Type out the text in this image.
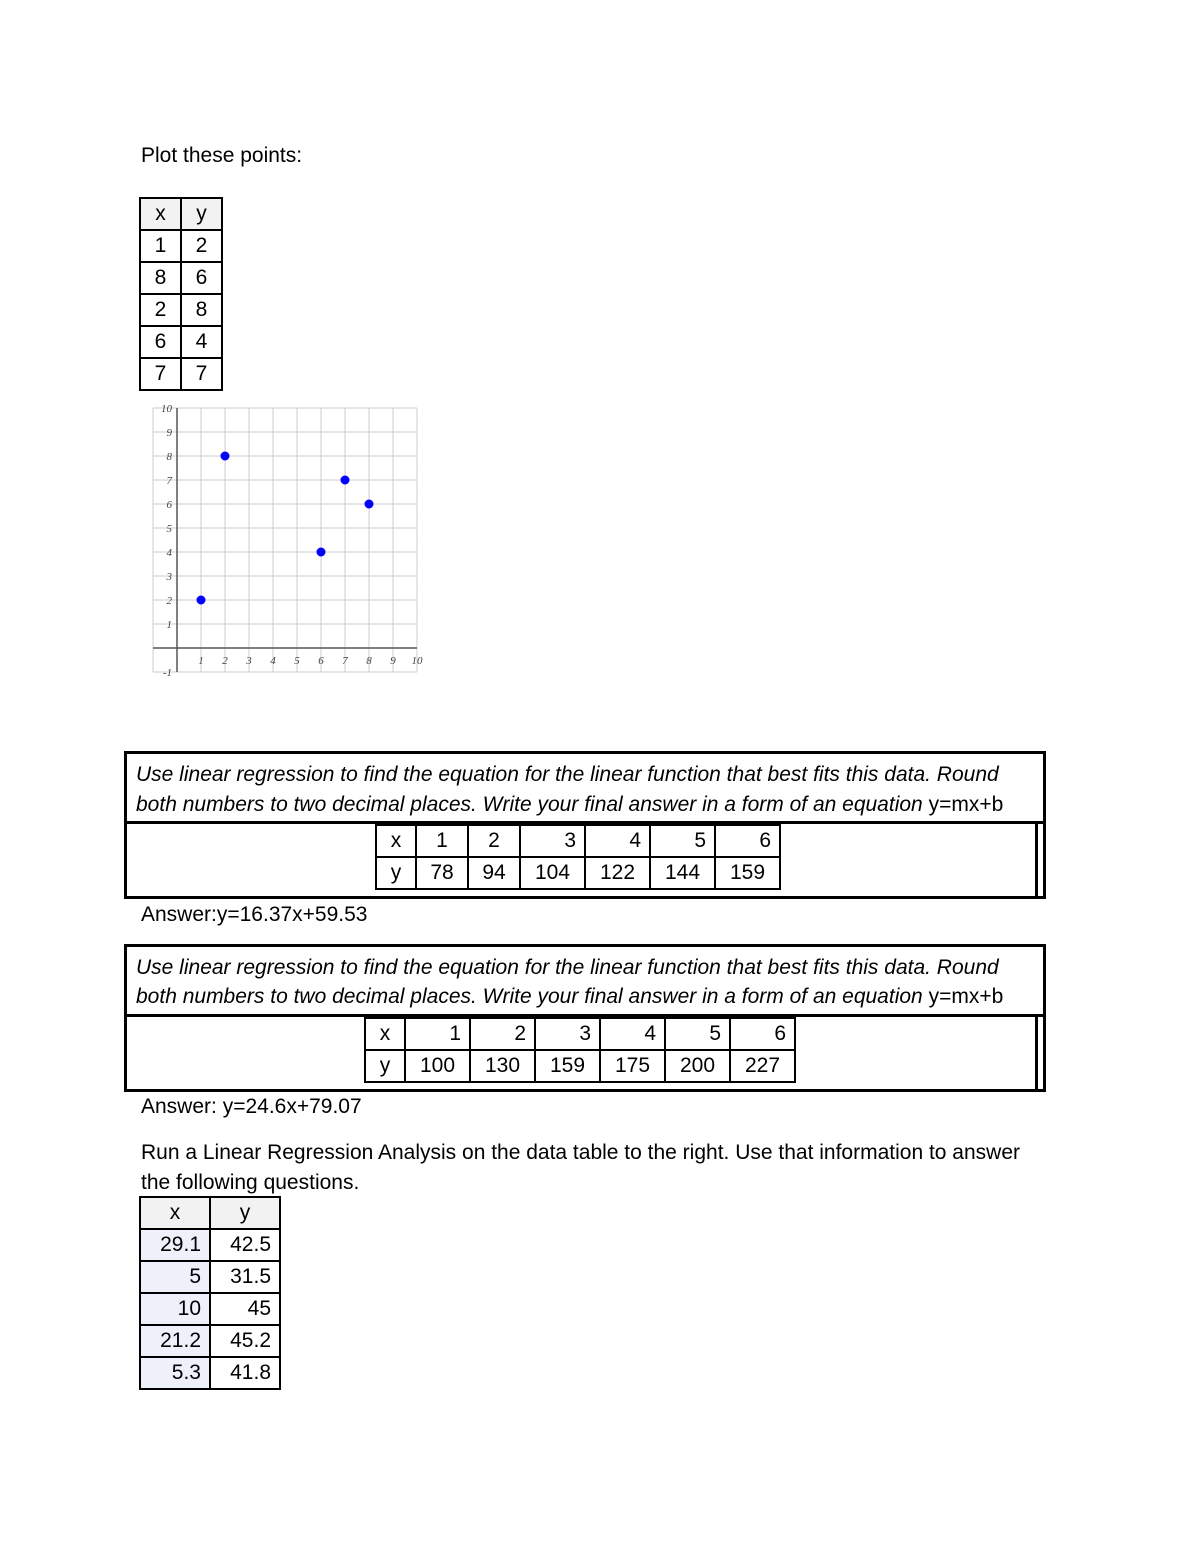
Plot these points:
x	y
1	2
8	6
2	8
6	4
7	7
1 2 3 4 5 6 7 8 9 10
10
9
8
7
6
5
4
3
2
1
-1
Use linear regression to find the equation for the linear function that best fits this data. Round
both numbers to two decimal places. Write your final answer in a form of an equation y=mx+b
x	1	2	3	4	5	6
y	78	94	104	122	144	159
Answer:y=16.37x+59.53
Use linear regression to find the equation for the linear function that best fits this data. Round
both numbers to two decimal places. Write your final answer in a form of an equation y=mx+b
x	1	2	3	4	5	6
y	100	130	159	175	200	227
Answer: y=24.6x+79.07
Run a Linear Regression Analysis on the data table to the right. Use that information to answer
the following questions.
x	y
29.1	42.5
5	31.5
10	45
21.2	45.2
5.3	41.8
